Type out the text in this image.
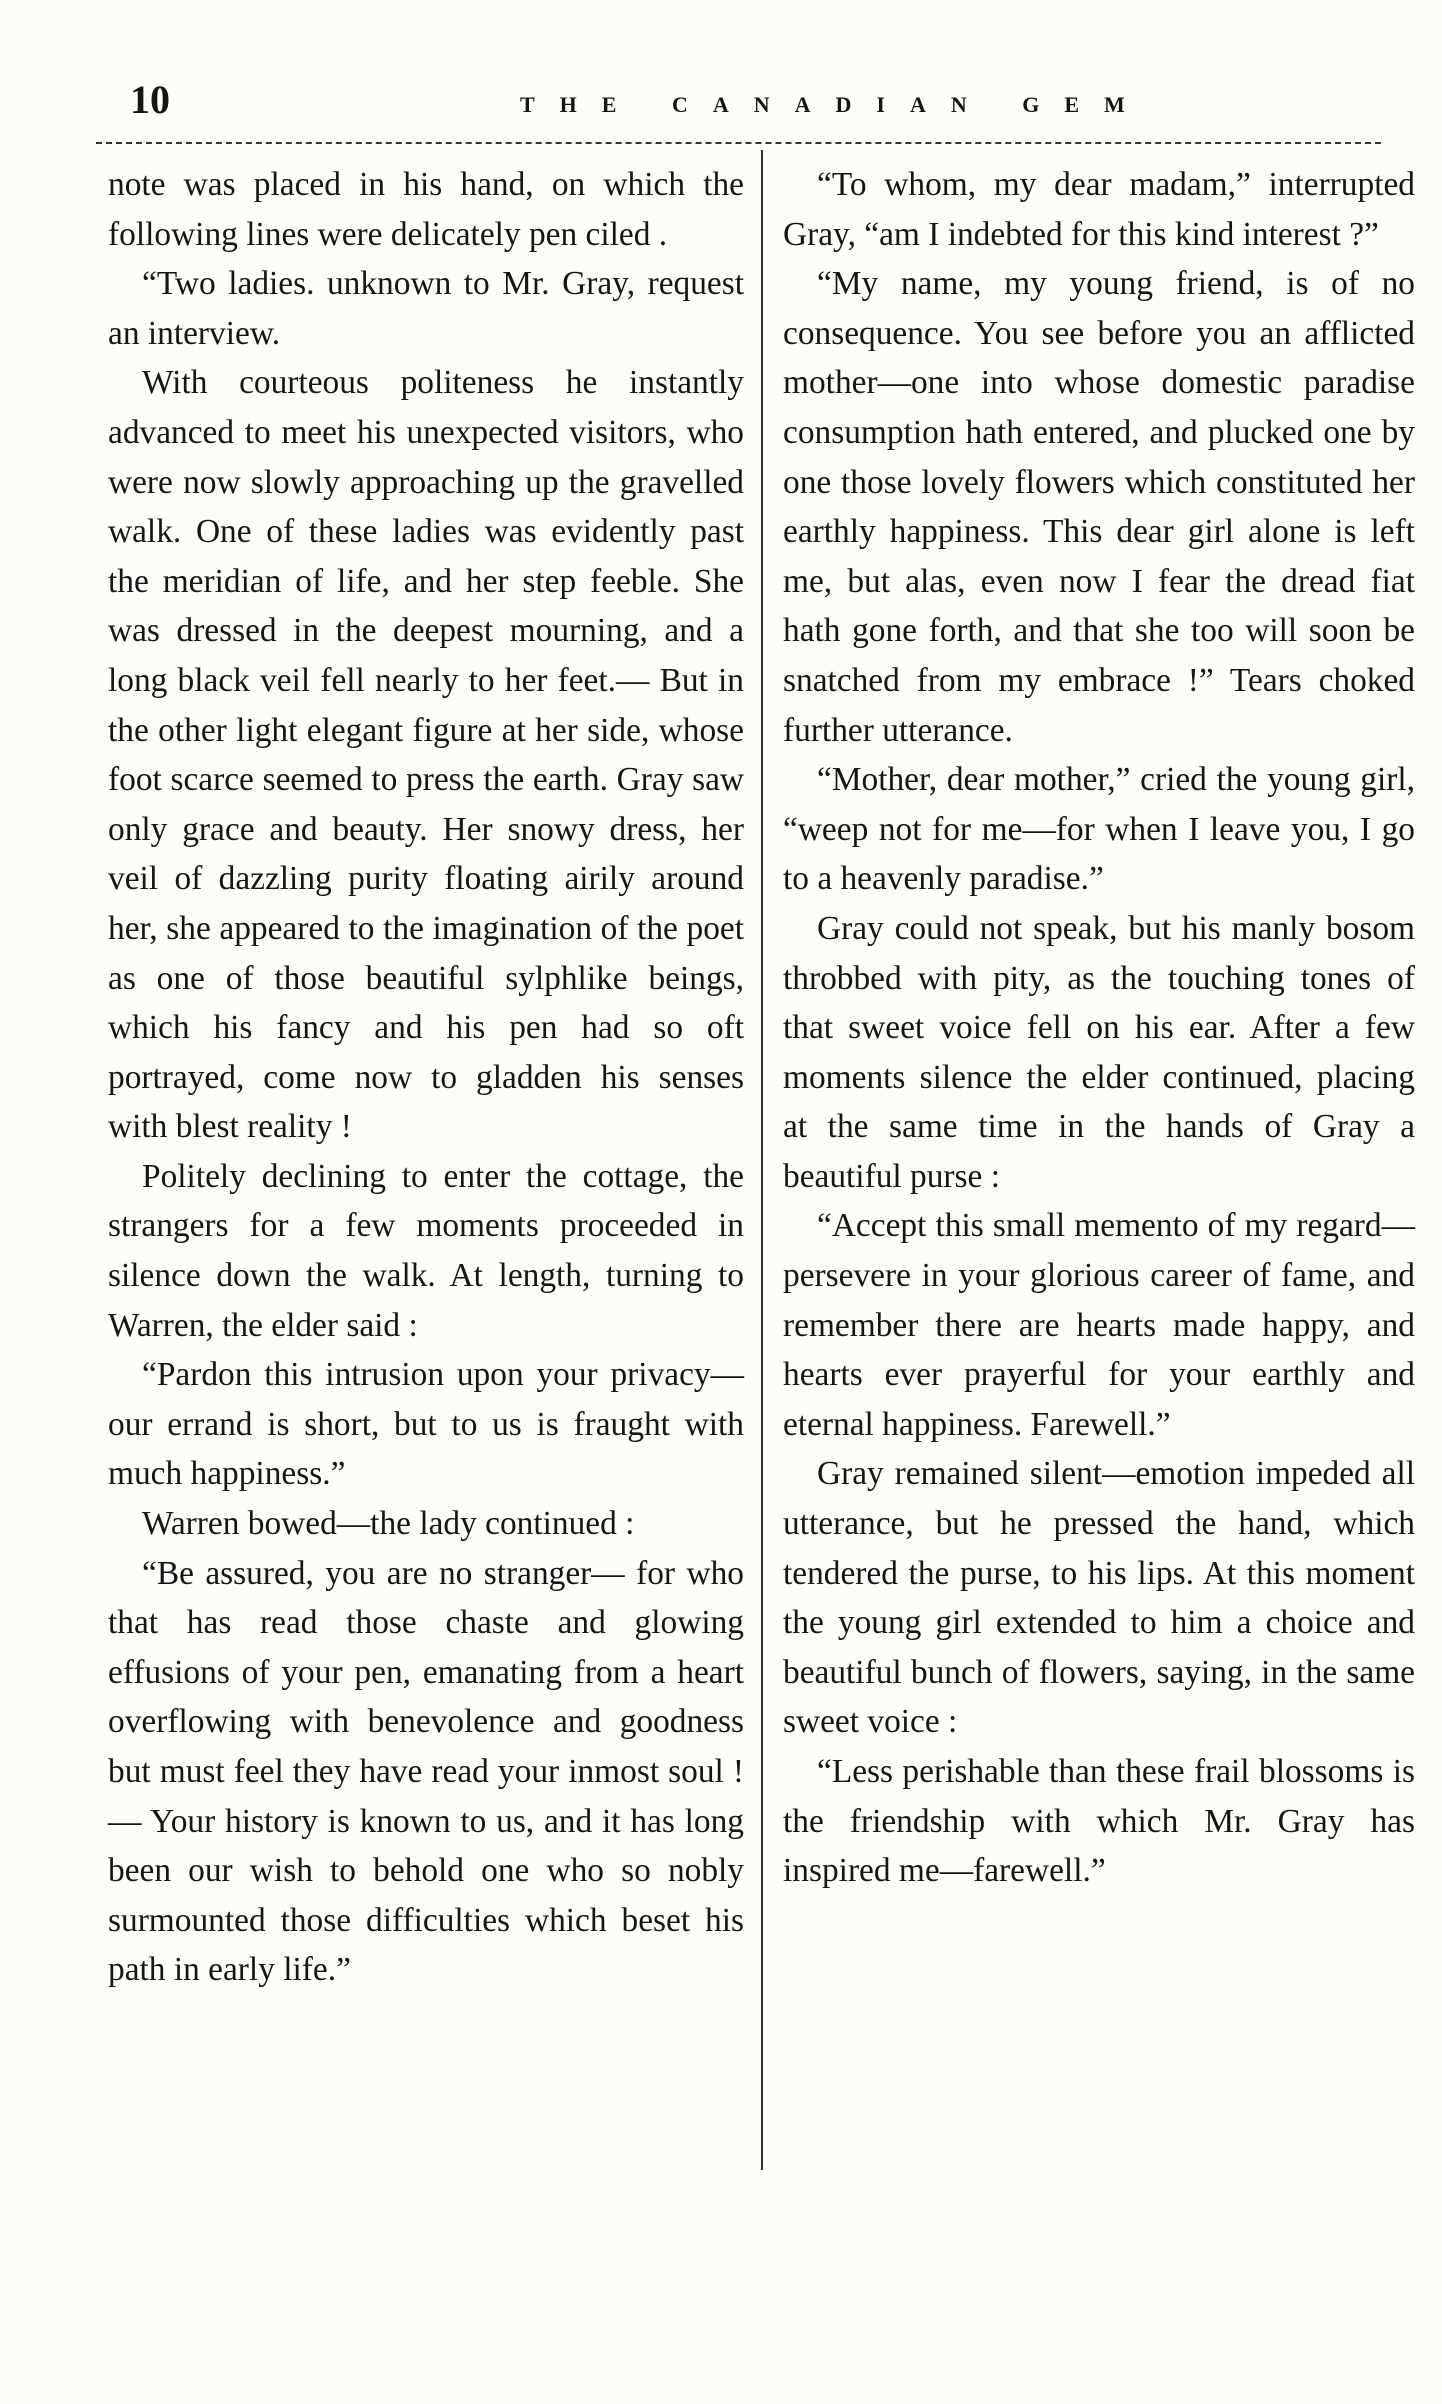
10	THE CANADIAN GEM

note was placed in his hand, on which the following lines were delicately pen ciled .

“Two ladies. unknown to Mr. Gray, request an interview.

With courteous politeness he instantly advanced to meet his unexpected visitors, who were now slowly approaching up the gravelled walk. One of these ladies was evidently past the meridian of life, and her step feeble. She was dressed in the deepest mourning, and a long black veil fell nearly to her feet.— But in the other light elegant figure at her side, whose foot scarce seemed to press the earth. Gray saw only grace and beauty. Her snowy dress, her veil of dazzling purity floating airily around her, she appeared to the imagination of the poet as one of those beautiful sylphlike beings, which his fancy and his pen had so oft portrayed, come now to gladden his senses with blest reality !

Politely declining to enter the cottage, the strangers for a few moments proceeded in silence down the walk. At length, turning to Warren, the elder said :

“Pardon this intrusion upon your privacy—our errand is short, but to us is fraught with much happiness.”

Warren bowed—the lady continued :

“Be assured, you are no stranger— for who that has read those chaste and glowing effusions of your pen, emanating from a heart overflowing with benevolence and goodness but must feel they have read your inmost soul !— Your history is known to us, and it has long been our wish to behold one who so nobly surmounted those difficulties which beset his path in early life.”

“To whom, my dear madam,” interrupted Gray, “am I indebted for this kind interest ?”

“My name, my young friend, is of no consequence. You see before you an afflicted mother—one into whose domestic paradise consumption hath entered, and plucked one by one those lovely flowers which constituted her earthly happiness. This dear girl alone is left me, but alas, even now I fear the dread fiat hath gone forth, and that she too will soon be snatched from my embrace !” Tears choked further utterance.

“Mother, dear mother,” cried the young girl, “weep not for me—for when I leave you, I go to a heavenly paradise.”

Gray could not speak, but his manly bosom throbbed with pity, as the touching tones of that sweet voice fell on his ear. After a few moments silence the elder continued, placing at the same time in the hands of Gray a beautiful purse :

“Accept this small memento of my regard—persevere in your glorious career of fame, and remember there are hearts made happy, and hearts ever prayerful for your earthly and eternal happiness. Farewell.”

Gray remained silent—emotion impeded all utterance, but he pressed the hand, which tendered the purse, to his lips. At this moment the young girl extended to him a choice and beautiful bunch of flowers, saying, in the same sweet voice :

“Less perishable than these frail blossoms is the friendship with which Mr. Gray has inspired me—farewell.”
